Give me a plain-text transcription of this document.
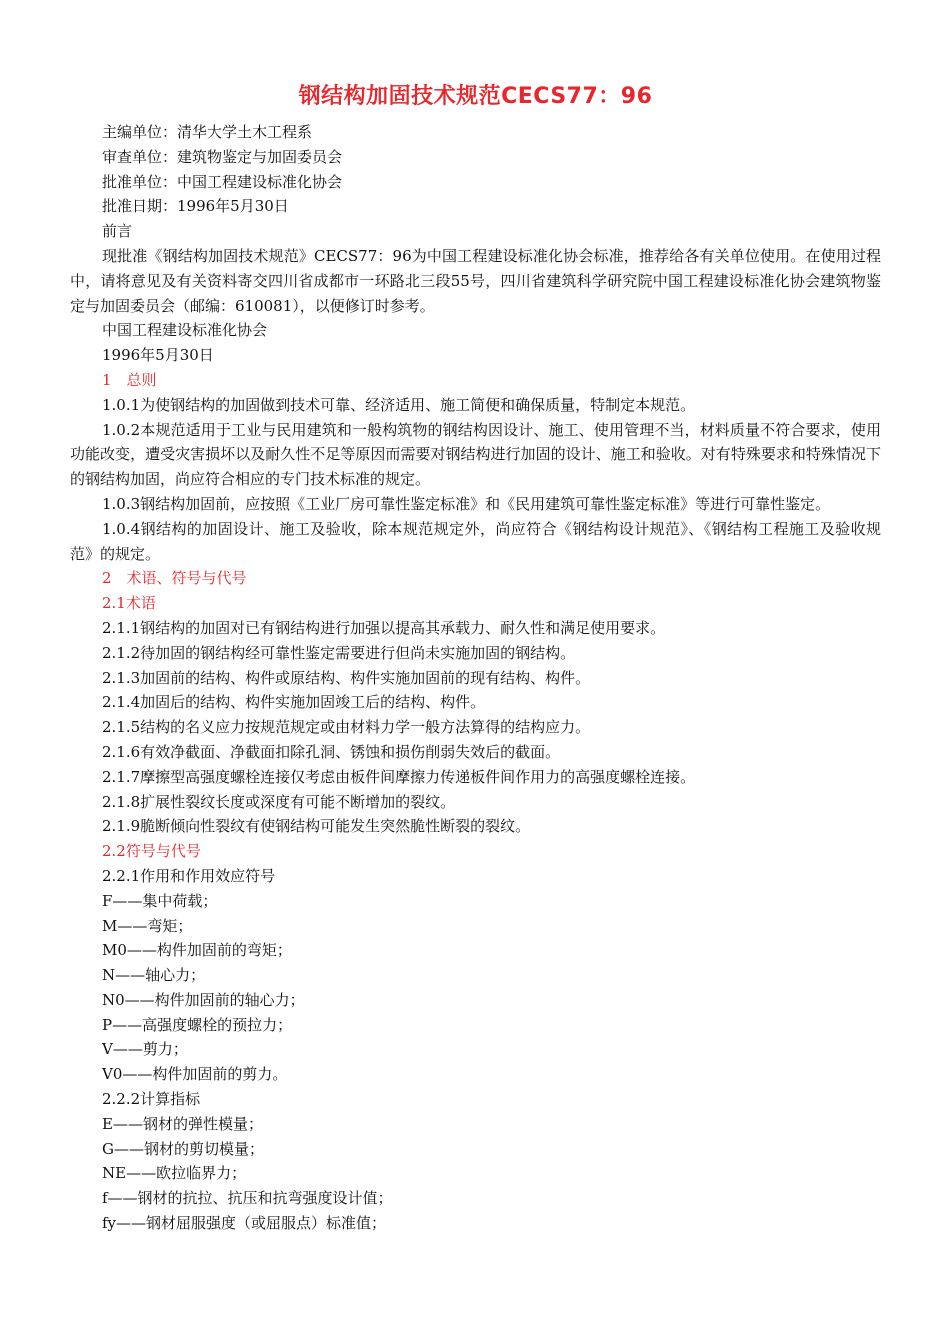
钢结构加固技术规范CECS77：96

主编单位：清华大学土木工程系

审查单位：建筑物鉴定与加固委员会

批准单位：中国工程建设标准化协会

批准日期：1996年5月30日

前言

现批准《钢结构加固技术规范》CECS77：96为中国工程建设标准化协会标准，推荐给各有关单位使用。在使用过程中，请将意见及有关资料寄交四川省成都市一环路北三段55号，四川省建筑科学研究院中国工程建设标准化协会建筑物鉴定与加固委员会（邮编：610081），以便修订时参考。

中国工程建设标准化协会

1996年5月30日

1　总则

1.0.1为使钢结构的加固做到技术可靠、经济适用、施工简便和确保质量，特制定本规范。

1.0.2本规范适用于工业与民用建筑和一般构筑物的钢结构因设计、施工、使用管理不当，材料质量不符合要求，使用功能改变，遭受灾害损坏以及耐久性不足等原因而需要对钢结构进行加固的设计、施工和验收。对有特殊要求和特殊情况下的钢结构加固，尚应符合相应的专门技术标准的规定。

1.0.3钢结构加固前，应按照《工业厂房可靠性鉴定标准》和《民用建筑可靠性鉴定标准》等进行可靠性鉴定。

1.0.4钢结构的加固设计、施工及验收，除本规范规定外，尚应符合《钢结构设计规范》、《钢结构工程施工及验收规范》的规定。

2　术语、符号与代号

2.1术语

2.1.1钢结构的加固对已有钢结构进行加强以提高其承载力、耐久性和满足使用要求。

2.1.2待加固的钢结构经可靠性鉴定需要进行但尚未实施加固的钢结构。

2.1.3加固前的结构、构件或原结构、构件实施加固前的现有结构、构件。

2.1.4加固后的结构、构件实施加固竣工后的结构、构件。

2.1.5结构的名义应力按规范规定或由材料力学一般方法算得的结构应力。

2.1.6有效净截面、净截面扣除孔洞、锈蚀和损伤削弱失效后的截面。

2.1.7摩擦型高强度螺栓连接仅考虑由板件间摩擦力传递板件间作用力的高强度螺栓连接。

2.1.8扩展性裂纹长度或深度有可能不断增加的裂纹。

2.1.9脆断倾向性裂纹有使钢结构可能发生突然脆性断裂的裂纹。

2.2符号与代号

2.2.1作用和作用效应符号

F——集中荷载；

M——弯矩；

M0——构件加固前的弯矩；

N——轴心力；

N0——构件加固前的轴心力；

P——高强度螺栓的预拉力；

V——剪力；

V0——构件加固前的剪力。

2.2.2计算指标

E——钢材的弹性模量；

G——钢材的剪切模量；

NE——欧拉临界力；

f——钢材的抗拉、抗压和抗弯强度设计值；

fy——钢材屈服强度（或屈服点）标准值；
